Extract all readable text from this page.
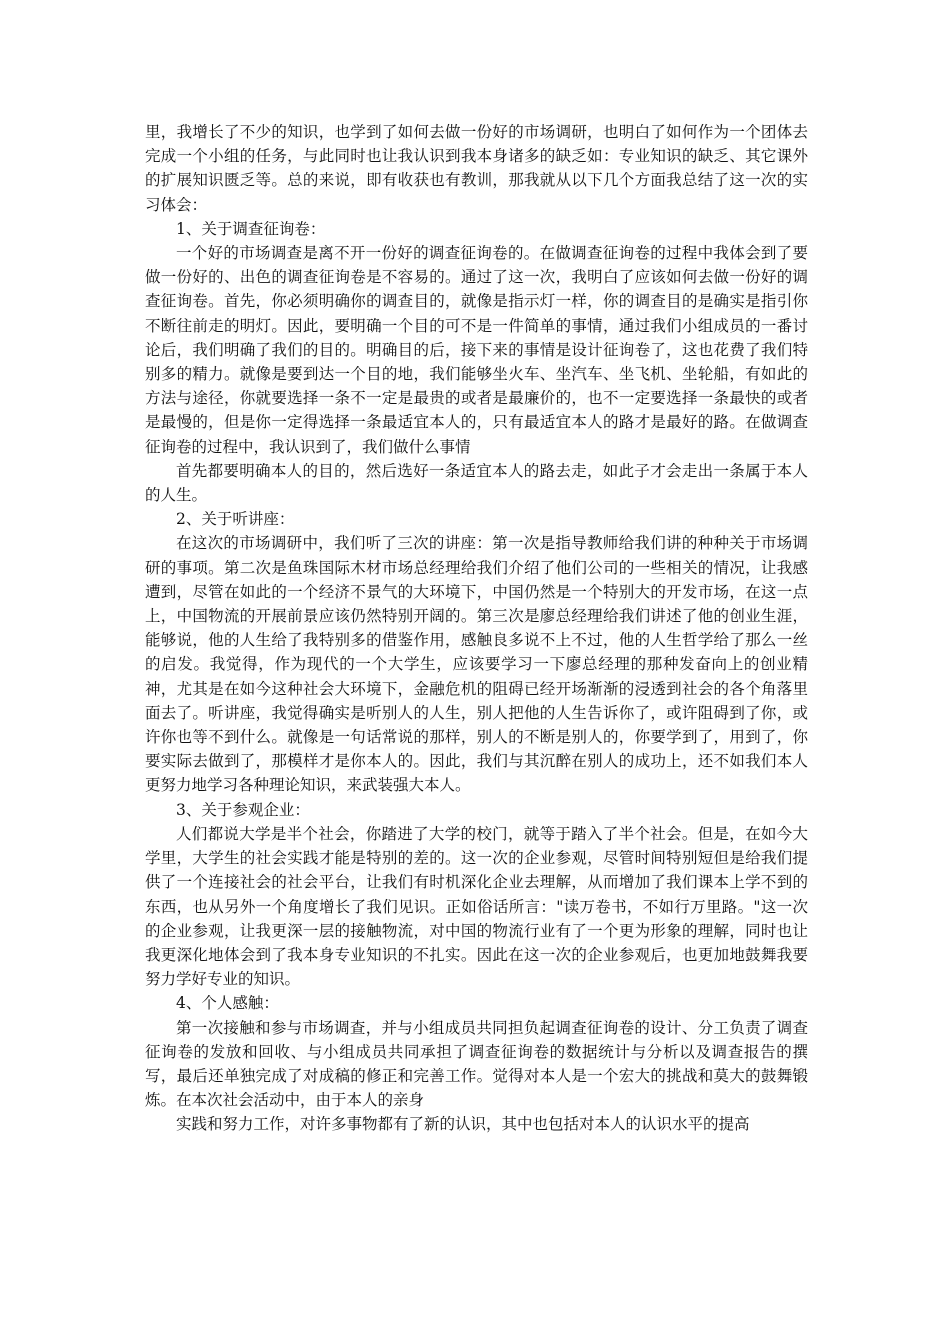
里，我增长了不少的知识，也学到了如何去做一份好的市场调研，也明白了如何作为一个团体去完成一个小组的任务，与此同时也让我认识到我本身诸多的缺乏如：专业知识的缺乏、其它课外的扩展知识匮乏等。总的来说，即有收获也有教训，那我就从以下几个方面我总结了这一次的实习体会：

1、关于调查征询卷：

一个好的市场调查是离不开一份好的调查征询卷的。在做调查征询卷的过程中我体会到了要做一份好的、出色的调查征询卷是不容易的。通过了这一次，我明白了应该如何去做一份好的调查征询卷。首先，你必须明确你的调查目的，就像是指示灯一样，你的调查目的是确实是指引你不断往前走的明灯。因此，要明确一个目的可不是一件简单的事情，通过我们小组成员的一番讨论后，我们明确了我们的目的。明确目的后，接下来的事情是设计征询卷了，这也花费了我们特别多的精力。就像是要到达一个目的地，我们能够坐火车、坐汽车、坐飞机、坐轮船，有如此的方法与途径，你就要选择一条不一定是最贵的或者是最廉价的，也不一定要选择一条最快的或者是最慢的，但是你一定得选择一条最适宜本人的，只有最适宜本人的路才是最好的路。在做调查征询卷的过程中，我认识到了，我们做什么事情

首先都要明确本人的目的，然后选好一条适宜本人的路去走，如此子才会走出一条属于本人的人生。

2、关于听讲座：

在这次的市场调研中，我们听了三次的讲座：第一次是指导教师给我们讲的种种关于市场调研的事项。第二次是鱼珠国际木材市场总经理给我们介绍了他们公司的一些相关的情况，让我感遭到，尽管在如此的一个经济不景气的大环境下，中国仍然是一个特别大的开发市场，在这一点上，中国物流的开展前景应该仍然特别开阔的。第三次是廖总经理给我们讲述了他的创业生涯，能够说，他的人生给了我特别多的借鉴作用，感触良多说不上不过，他的人生哲学给了那么一丝的启发。我觉得，作为现代的一个大学生，应该要学习一下廖总经理的那种发奋向上的创业精神，尤其是在如今这种社会大环境下，金融危机的阻碍已经开场渐渐的浸透到社会的各个角落里面去了。听讲座，我觉得确实是听别人的人生，别人把他的人生告诉你了，或许阻碍到了你，或许你也等不到什么。就像是一句话常说的那样，别人的不断是别人的，你要学到了，用到了，你要实际去做到了，那模样才是你本人的。因此，我们与其沉醉在别人的成功上，还不如我们本人更努力地学习各种理论知识，来武装强大本人。

3、关于参观企业：

人们都说大学是半个社会，你踏进了大学的校门，就等于踏入了半个社会。但是，在如今大学里，大学生的社会实践才能是特别的差的。这一次的企业参观，尽管时间特别短但是给我们提供了一个连接社会的社会平台，让我们有时机深化企业去理解，从而增加了我们课本上学不到的东西，也从另外一个角度增长了我们见识。正如俗话所言："读万卷书，不如行万里路。"这一次的企业参观，让我更深一层的接触物流，对中国的物流行业有了一个更为形象的理解，同时也让我更深化地体会到了我本身专业知识的不扎实。因此在这一次的企业参观后，也更加地鼓舞我要努力学好专业的知识。

4、个人感触：

第一次接触和参与市场调查，并与小组成员共同担负起调查征询卷的设计、分工负责了调查征询卷的发放和回收、与小组成员共同承担了调查征询卷的数据统计与分析以及调查报告的撰写，最后还单独完成了对成稿的修正和完善工作。觉得对本人是一个宏大的挑战和莫大的鼓舞锻炼。在本次社会活动中，由于本人的亲身

实践和努力工作，对许多事物都有了新的认识，其中也包括对本人的认识水平的提高
